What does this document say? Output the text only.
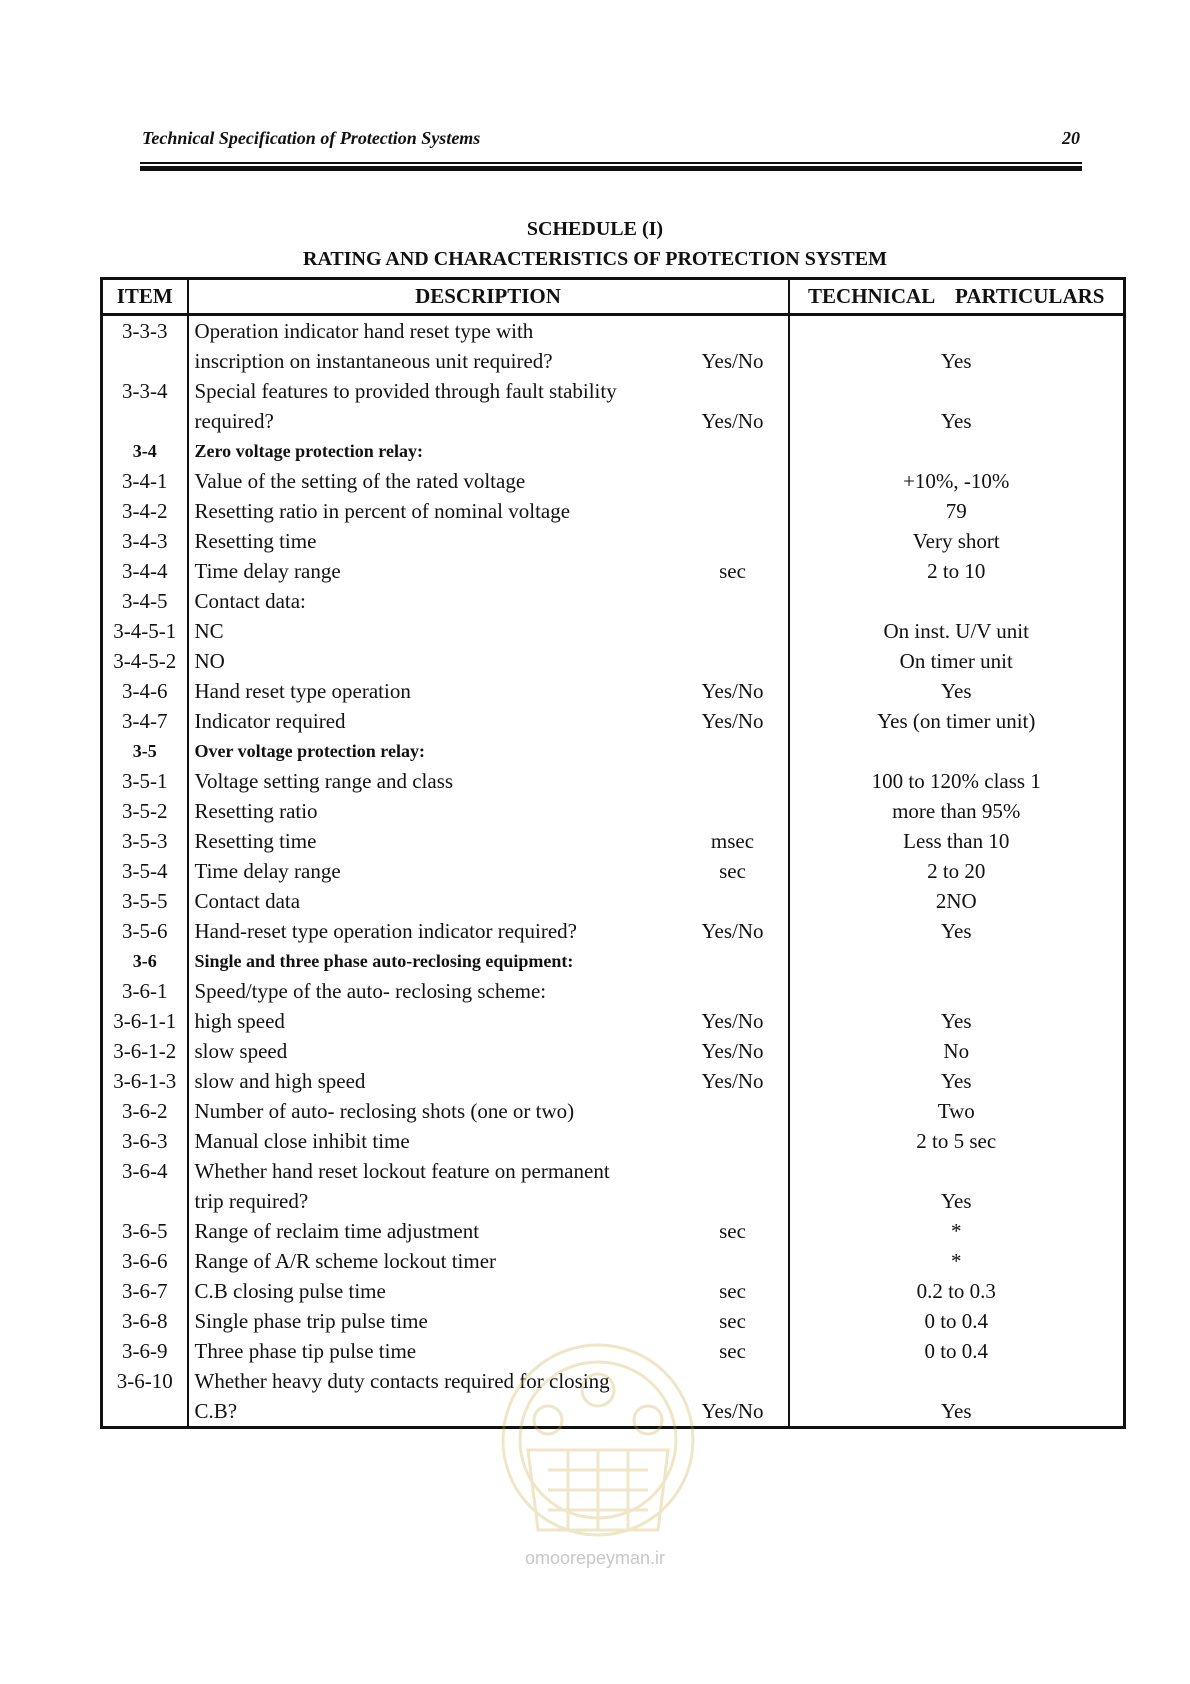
Technical Specification of Protection Systems	20
SCHEDULE (I)
RATING AND CHARACTERISTICS OF PROTECTION SYSTEM
ITEM	DESCRIPTION		TECHNICAL    PARTICULARS
3-3-3	Operation indicator hand reset type with		
	inscription on instantaneous unit required?	Yes/No	Yes
3-3-4	Special features to provided through fault stability		
	required?	Yes/No	Yes
3-4	Zero voltage protection relay:		
3-4-1	Value of the setting of the rated voltage		+10%, -10%
3-4-2	Resetting ratio in percent of nominal voltage		79
3-4-3	Resetting time		Very short
3-4-4	Time delay range	sec	2 to 10
3-4-5	Contact data:		
3-4-5-1	NC		On inst. U/V unit
3-4-5-2	NO		On timer unit
3-4-6	Hand reset type operation	Yes/No	Yes
3-4-7	Indicator required	Yes/No	Yes (on timer unit)
3-5	Over voltage protection relay:		
3-5-1	Voltage setting range and class		100 to 120% class 1
3-5-2	Resetting ratio		more than 95%
3-5-3	Resetting time	msec	Less than 10
3-5-4	Time delay range	sec	2 to 20
3-5-5	Contact data		2NO
3-5-6	Hand-reset type operation indicator required?	Yes/No	Yes
3-6	Single and three phase auto-reclosing equipment:		
3-6-1	Speed/type of the auto- reclosing scheme:		
3-6-1-1	high speed	Yes/No	Yes
3-6-1-2	slow speed	Yes/No	No
3-6-1-3	slow and high speed	Yes/No	Yes
3-6-2	Number of auto- reclosing shots (one or two)		Two
3-6-3	Manual close inhibit time		2 to 5 sec
3-6-4	Whether hand reset lockout feature on permanent		
	trip required?		Yes
3-6-5	Range of reclaim time adjustment	sec	*
3-6-6	Range of A/R scheme lockout timer		*
3-6-7	C.B closing pulse time	sec	0.2 to 0.3
3-6-8	Single phase trip pulse time	sec	0 to 0.4
3-6-9	Three phase tip pulse time	sec	0 to 0.4
3-6-10	Whether heavy duty contacts required for closing		
	C.B?	Yes/No	Yes
omoorepeyman.ir
